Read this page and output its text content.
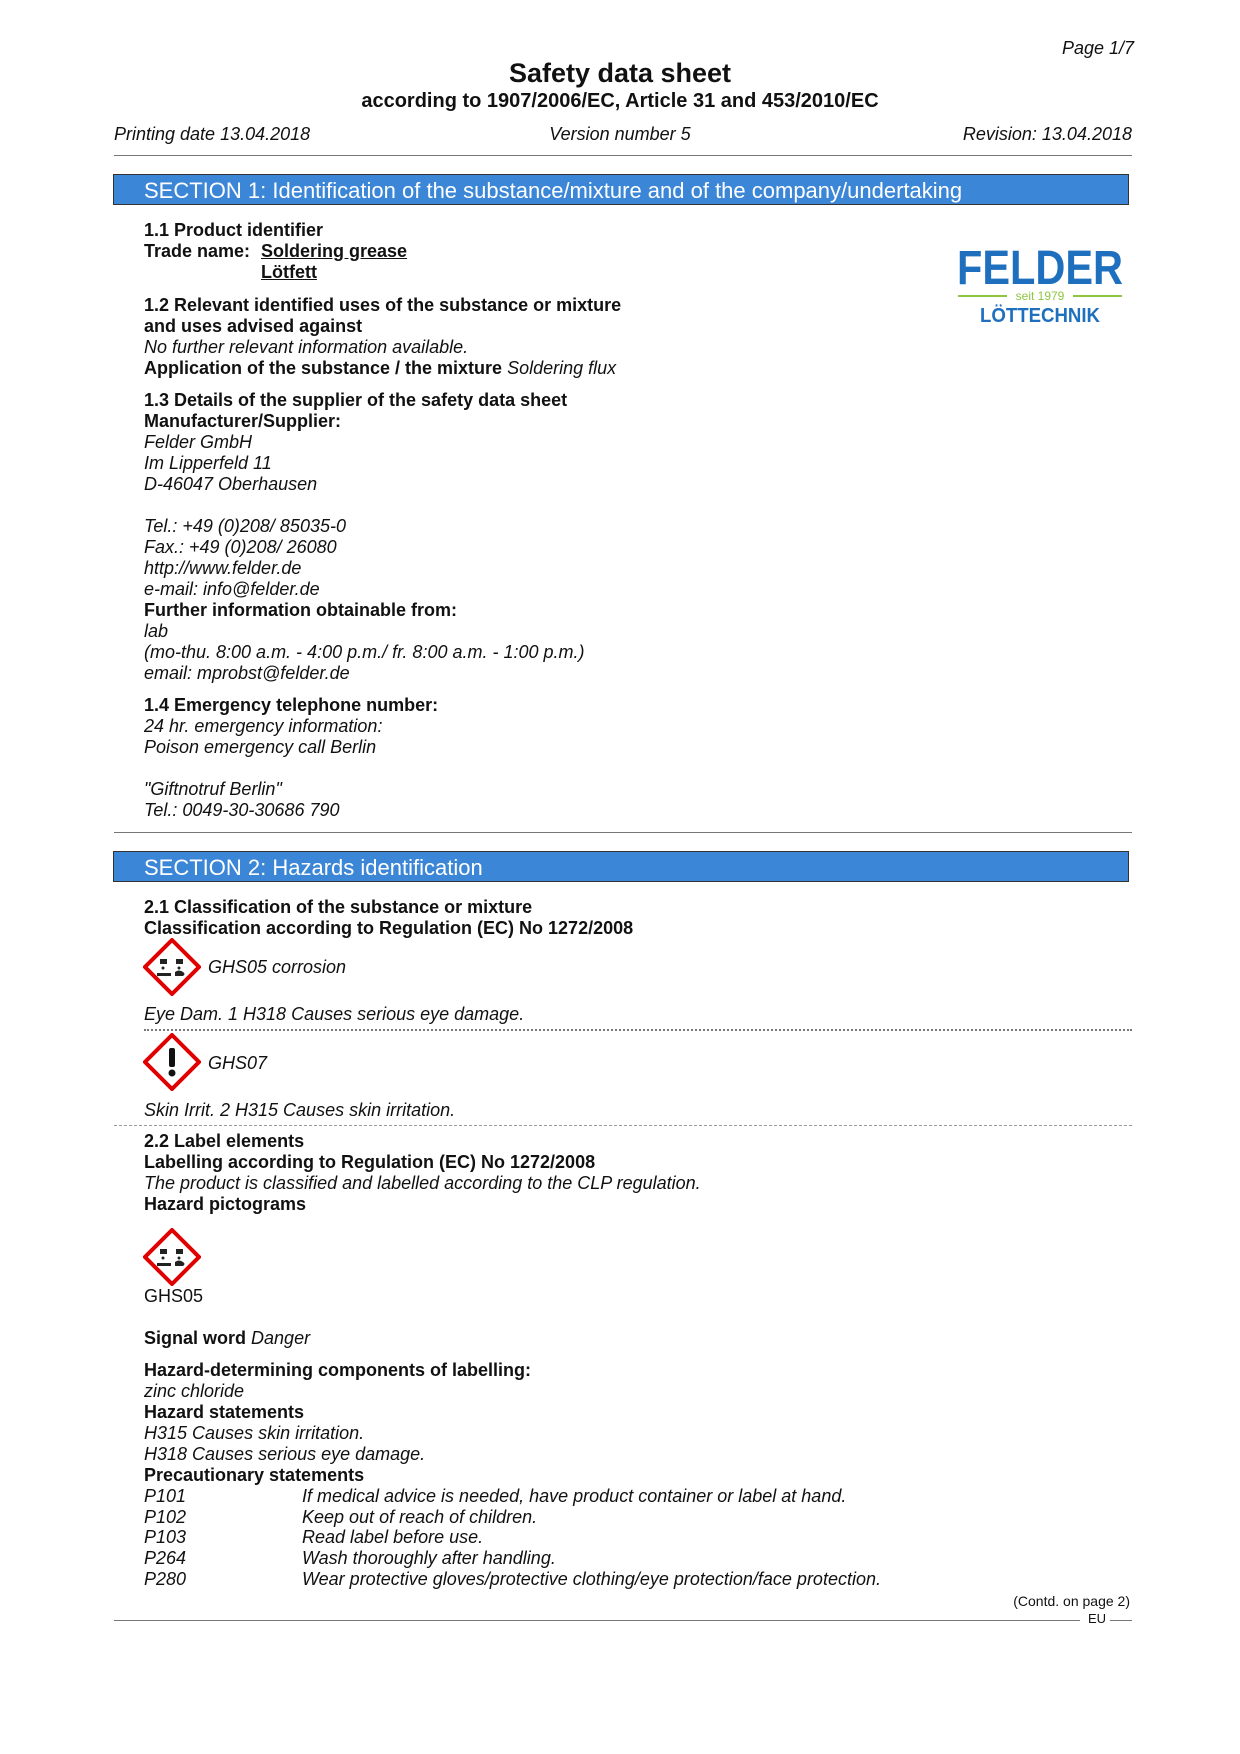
Page 1/7
Safety data sheet
according to 1907/2006/EC, Article 31 and 453/2010/EC
Printing date 13.04.2018	Version number 5	Revision: 13.04.2018
SECTION 1: Identification of the substance/mixture and of the company/undertaking
FELDER
seit 1979
LÖTTECHNIK
1.1 Product identifier
Trade name: Soldering grease
Lötfett
1.2 Relevant identified uses of the substance or mixture
and uses advised against
No further relevant information available.
Application of the substance / the mixture Soldering flux
1.3 Details of the supplier of the safety data sheet
Manufacturer/Supplier:
Felder GmbH
Im Lipperfeld 11
D-46047 Oberhausen
Tel.: +49 (0)208/ 85035-0
Fax.: +49 (0)208/ 26080
http://www.felder.de
e-mail: info@felder.de
Further information obtainable from:
lab
(mo-thu. 8:00 a.m. - 4:00 p.m./ fr. 8:00 a.m. - 1:00 p.m.)
email: mprobst@felder.de
1.4 Emergency telephone number:
24 hr. emergency information:
Poison emergency call Berlin
"Giftnotruf Berlin"
Tel.: 0049-30-30686 790
SECTION 2: Hazards identification
2.1 Classification of the substance or mixture
Classification according to Regulation (EC) No 1272/2008
GHS05 corrosion
Eye Dam. 1 H318 Causes serious eye damage.
GHS07
Skin Irrit. 2 H315 Causes skin irritation.
2.2 Label elements
Labelling according to Regulation (EC) No 1272/2008
The product is classified and labelled according to the CLP regulation.
Hazard pictograms
GHS05
Signal word Danger
Hazard-determining components of labelling:
zinc chloride
Hazard statements
H315 Causes skin irritation.
H318 Causes serious eye damage.
Precautionary statements
P101	If medical advice is needed, have product container or label at hand.
P102	Keep out of reach of children.
P103	Read label before use.
P264	Wash thoroughly after handling.
P280	Wear protective gloves/protective clothing/eye protection/face protection.
(Contd. on page 2)
EU
